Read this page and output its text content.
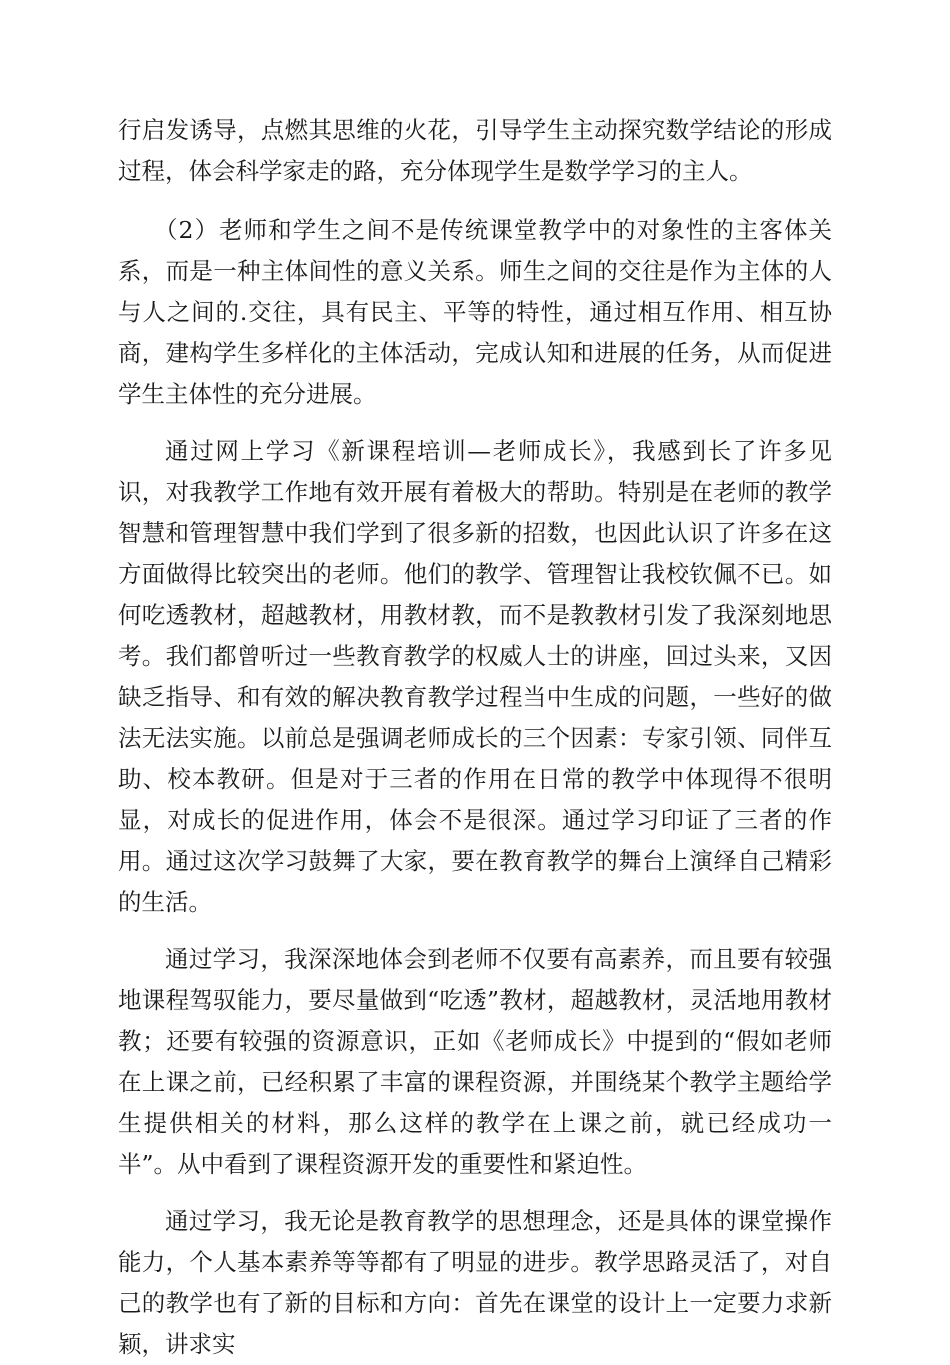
行启发诱导，点燃其思维的火花，引导学生主动探究数学结论的形成过程，体会科学家走的路，充分体现学生是数学学习的主人。

（2）老师和学生之间不是传统课堂教学中的对象性的主客体关系，而是一种主体间性的意义关系。师生之间的交往是作为主体的人与人之间的.交往，具有民主、平等的特性，通过相互作用、相互协商，建构学生多样化的主体活动，完成认知和进展的任务，从而促进学生主体性的充分进展。

通过网上学习《新课程培训—老师成长》，我感到长了许多见识，对我教学工作地有效开展有着极大的帮助。特别是在老师的教学智慧和管理智慧中我们学到了很多新的招数，也因此认识了许多在这方面做得比较突出的老师。他们的教学、管理智让我校钦佩不已。如何吃透教材，超越教材，用教材教，而不是教教材引发了我深刻地思考。我们都曾听过一些教育教学的权威人士的讲座，回过头来，又因缺乏指导、和有效的解决教育教学过程当中生成的问题，一些好的做法无法实施。以前总是强调老师成长的三个因素：专家引领、同伴互助、校本教研。但是对于三者的作用在日常的教学中体现得不很明显，对成长的促进作用，体会不是很深。通过学习印证了三者的作用。通过这次学习鼓舞了大家，要在教育教学的舞台上演绎自己精彩的生活。

通过学习，我深深地体会到老师不仅要有高素养，而且要有较强地课程驾驭能力，要尽量做到“吃透”教材，超越教材，灵活地用教材教；还要有较强的资源意识，正如《老师成长》中提到的“假如老师在上课之前，已经积累了丰富的课程资源，并围绕某个教学主题给学生提供相关的材料，那么这样的教学在上课之前，就已经成功一半”。从中看到了课程资源开发的重要性和紧迫性。

通过学习，我无论是教育教学的思想理念，还是具体的课堂操作能力，个人基本素养等等都有了明显的进步。教学思路灵活了，对自己的教学也有了新的目标和方向：首先在课堂的设计上一定要力求新颖，讲求实
